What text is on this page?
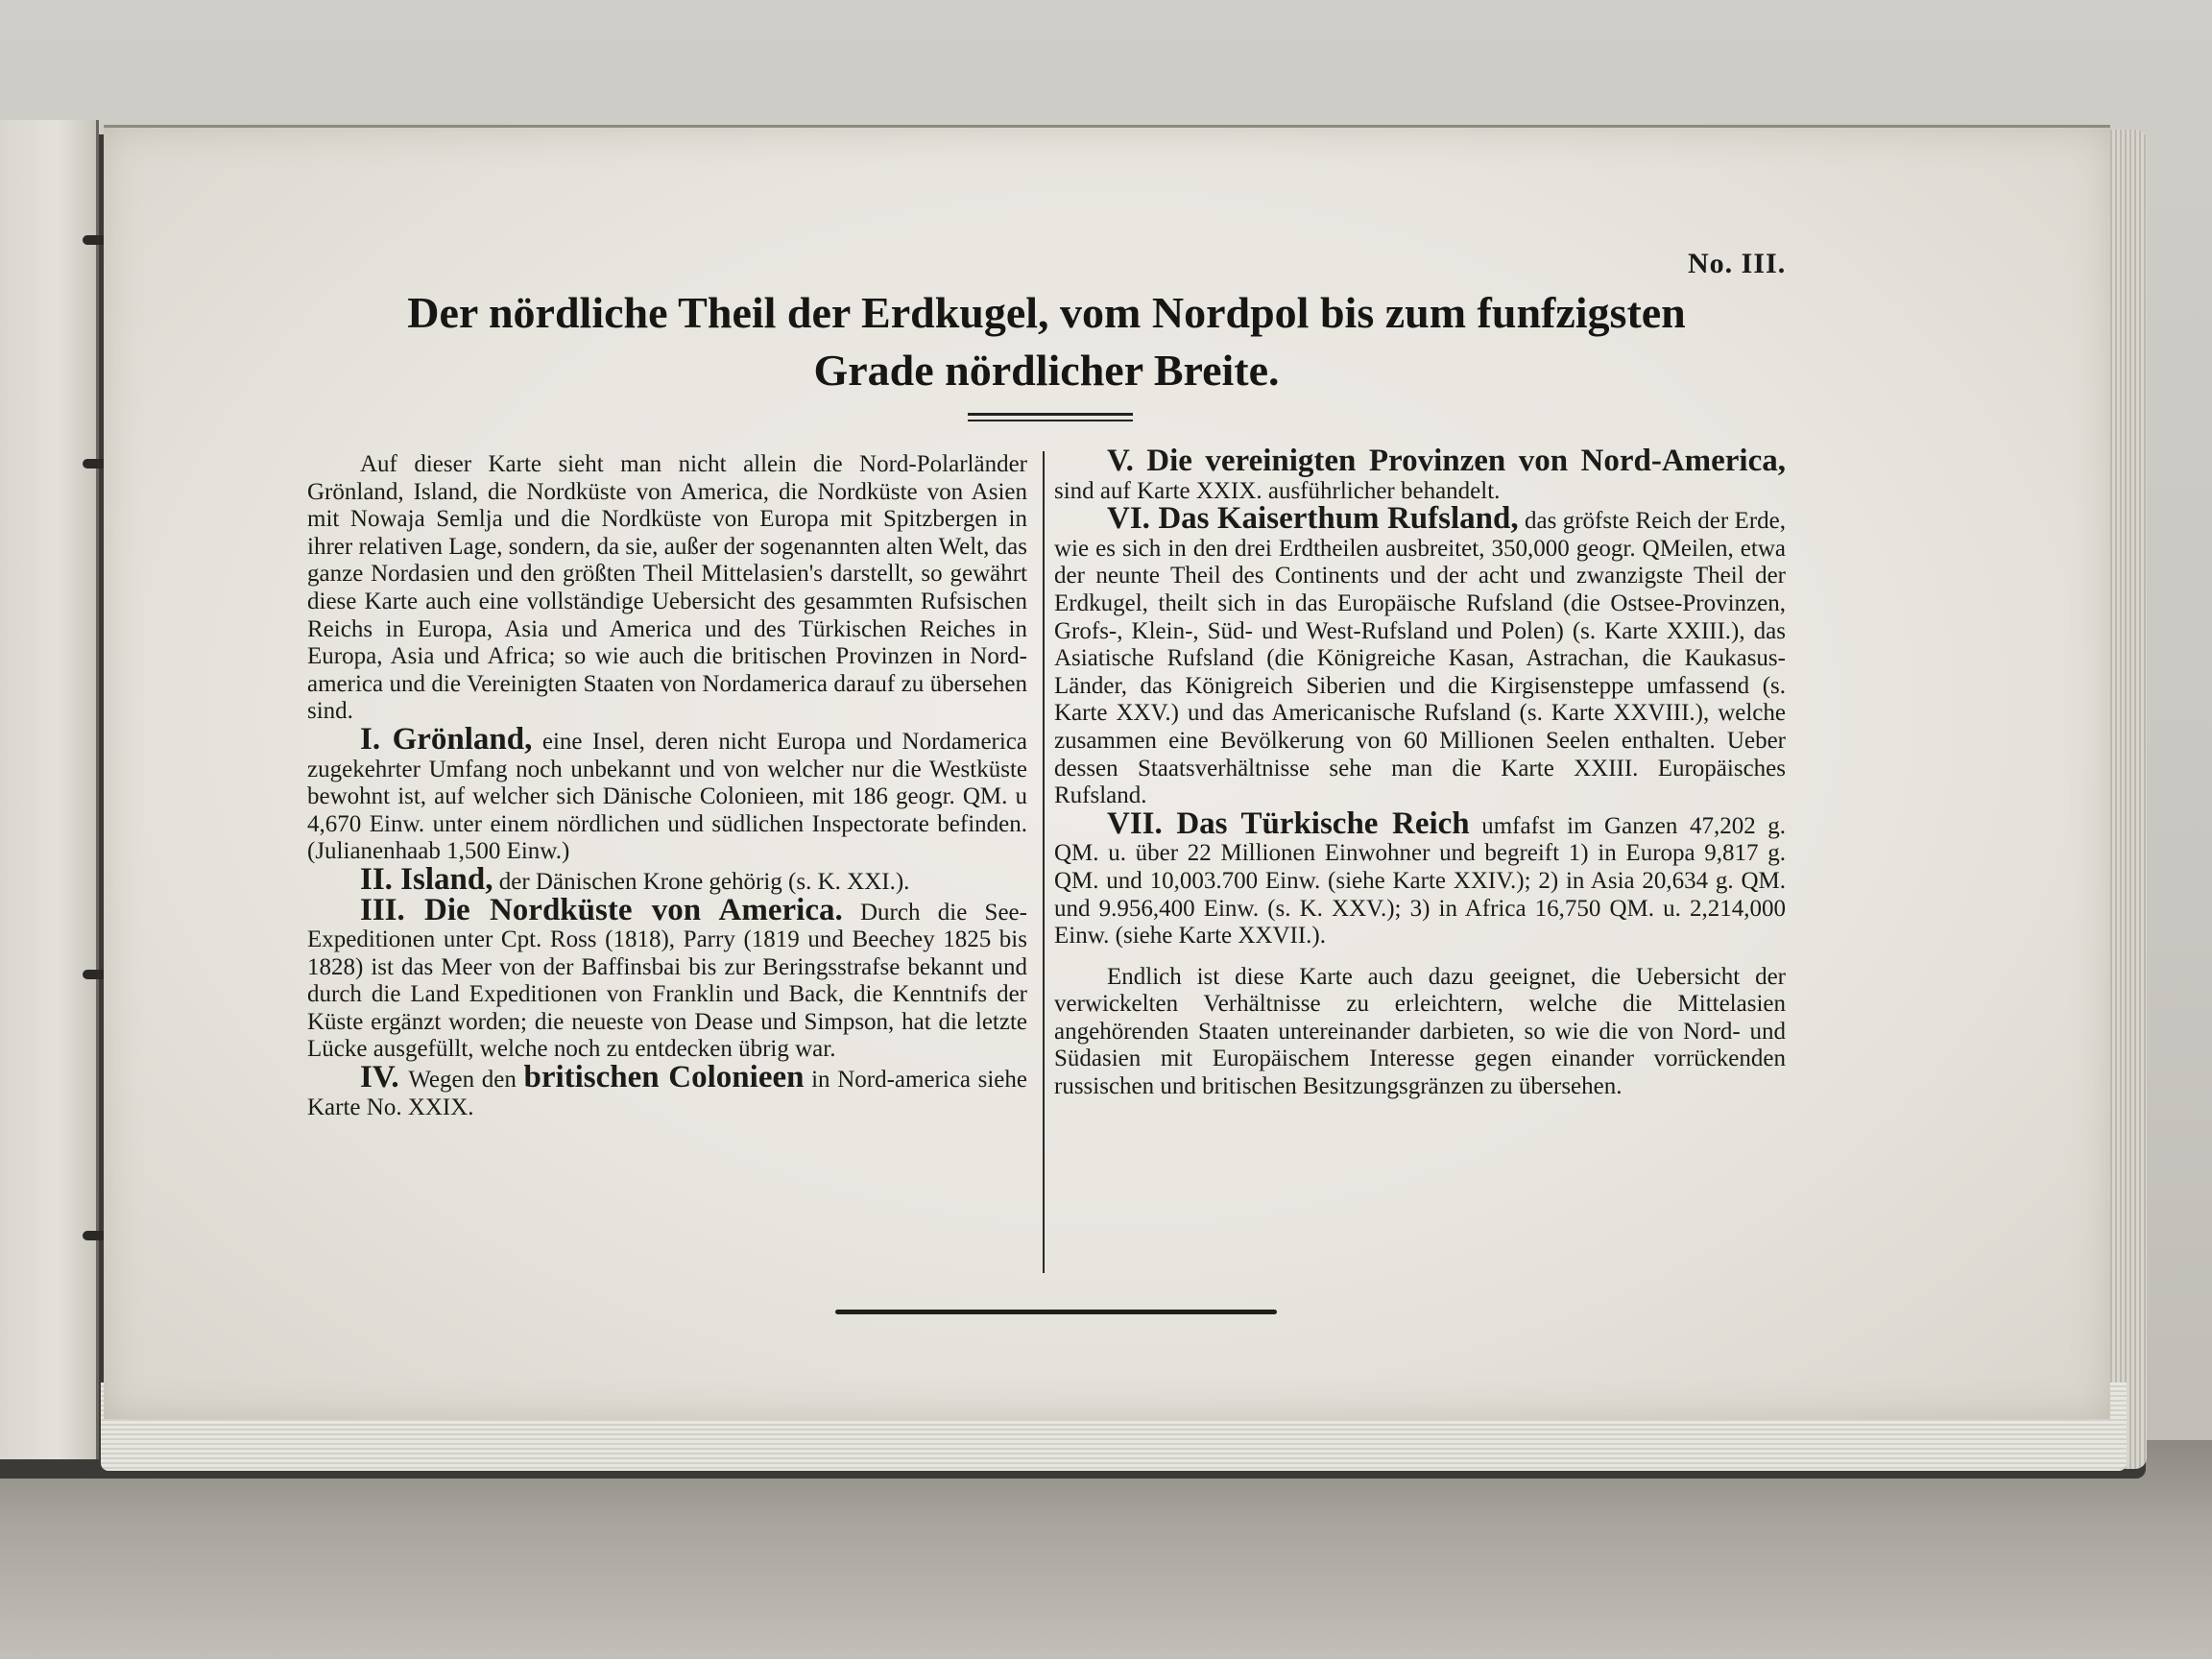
No. III.
Der nördliche Theil der Erdkugel, vom Nordpol bis zum funfzigsten
Grade nördlicher Breite.

Auf dieser Karte sieht man nicht allein die Nord-Polarländer Grönland, Island, die Nordküste von America, die Nordküste von Asien mit Nowaja Semlja und die Nordküste von Europa mit Spitzbergen in ihrer relativen Lage, sondern, da sie, außer der sogenannten alten Welt, das ganze Nordasien und den größten Theil Mittelasien's darstellt, so gewährt diese Karte auch eine vollständige Uebersicht des gesammten Rufsischen Reichs in Europa, Asia und America und des Türkischen Reiches in Europa, Asia und Africa; so wie auch die britischen Provinzen in Nord-america und die Vereinigten Staaten von Nordamerica darauf zu übersehen sind.

I. Grönland, eine Insel, deren nicht Europa und Nordamerica zugekehrter Umfang noch unbekannt und von welcher nur die Westküste bewohnt ist, auf welcher sich Dänische Colonieen, mit 186 geogr. QM. u 4,670 Einw. unter einem nördlichen und südlichen Inspectorate befinden. (Julianenhaab 1,500 Einw.)

II. Island, der Dänischen Krone gehörig (s. K. XXI.).

III. Die Nordküste von America. Durch die See-Expeditionen unter Cpt. Ross (1818), Parry (1819 und Beechey 1825 bis 1828) ist das Meer von der Baffinsbai bis zur Beringsstrafse bekannt und durch die Land Expeditionen von Franklin und Back, die Kenntnifs der Küste ergänzt worden; die neueste von Dease und Simpson, hat die letzte Lücke ausgefüllt, welche noch zu entdecken übrig war.

IV. Wegen den britischen Colonieen in Nord-america siehe Karte No. XXIX.

V. Die vereinigten Provinzen von Nord-America, sind auf Karte XXIX. ausführlicher behandelt.

VI. Das Kaiserthum Rufsland, das gröfste Reich der Erde, wie es sich in den drei Erdtheilen ausbreitet, 350,000 geogr. QMeilen, etwa der neunte Theil des Continents und der acht und zwanzigste Theil der Erdkugel, theilt sich in das Europäische Rufsland (die Ostsee-Provinzen, Grofs-, Klein-, Süd- und West-Rufsland und Polen) (s. Karte XXIII.), das Asiatische Rufsland (die Königreiche Kasan, Astrachan, die Kaukasus-Länder, das Königreich Siberien und die Kirgisensteppe umfassend (s. Karte XXV.) und das Americanische Rufsland (s. Karte XXVIII.), welche zusammen eine Bevölkerung von 60 Millionen Seelen enthalten. Ueber dessen Staatsverhältnisse sehe man die Karte XXIII. Europäisches Rufsland.

VII. Das Türkische Reich umfafst im Ganzen 47,202 g. QM. u. über 22 Millionen Einwohner und begreift 1) in Europa 9,817 g. QM. und 10,003.700 Einw. (siehe Karte XXIV.); 2) in Asia 20,634 g. QM. und 9.956,400 Einw. (s. K. XXV.); 3) in Africa 16,750 QM. u. 2,214,000 Einw. (siehe Karte XXVII.).

Endlich ist diese Karte auch dazu geeignet, die Uebersicht der verwickelten Verhältnisse zu erleichtern, welche die Mittelasien angehörenden Staaten untereinander darbieten, so wie die von Nord- und Südasien mit Europäischem Interesse gegen einander vorrückenden russischen und britischen Besitzungsgränzen zu übersehen.
